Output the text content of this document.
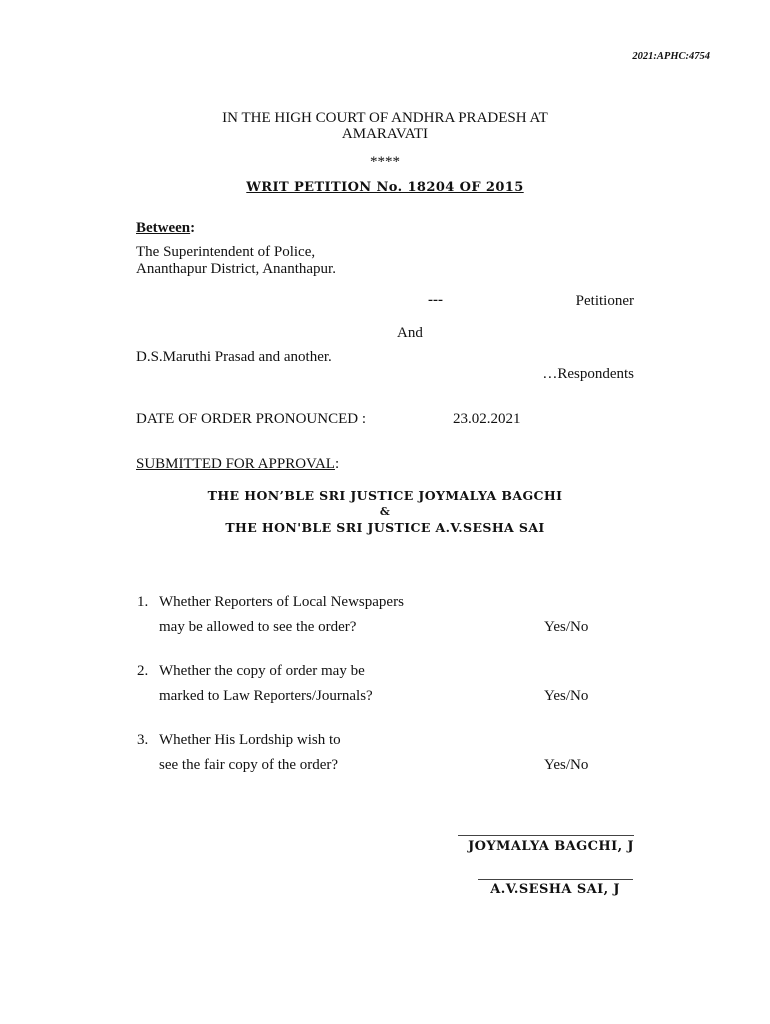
2021:APHC:4754
IN THE HIGH COURT OF ANDHRA PRADESH AT
AMARAVATI
****
WRIT PETITION No. 18204 OF 2015
Between:
The Superintendent of Police,
Ananthapur District, Ananthapur.
---	Petitioner
And
D.S.Maruthi Prasad and another.
…Respondents
DATE OF ORDER PRONOUNCED :	23.02.2021
SUBMITTED FOR APPROVAL:
THE HON’BLE SRI JUSTICE JOYMALYA BAGCHI
&
THE HON'BLE SRI JUSTICE A.V.SESHA SAI
1. Whether Reporters of Local Newspapers
may be allowed to see the order?	Yes/No
2. Whether the copy of order may be
marked to Law Reporters/Journals?	Yes/No
3. Whether His Lordship wish to
see the fair copy of the order?	Yes/No
JOYMALYA BAGCHI, J
A.V.SESHA SAI, J
